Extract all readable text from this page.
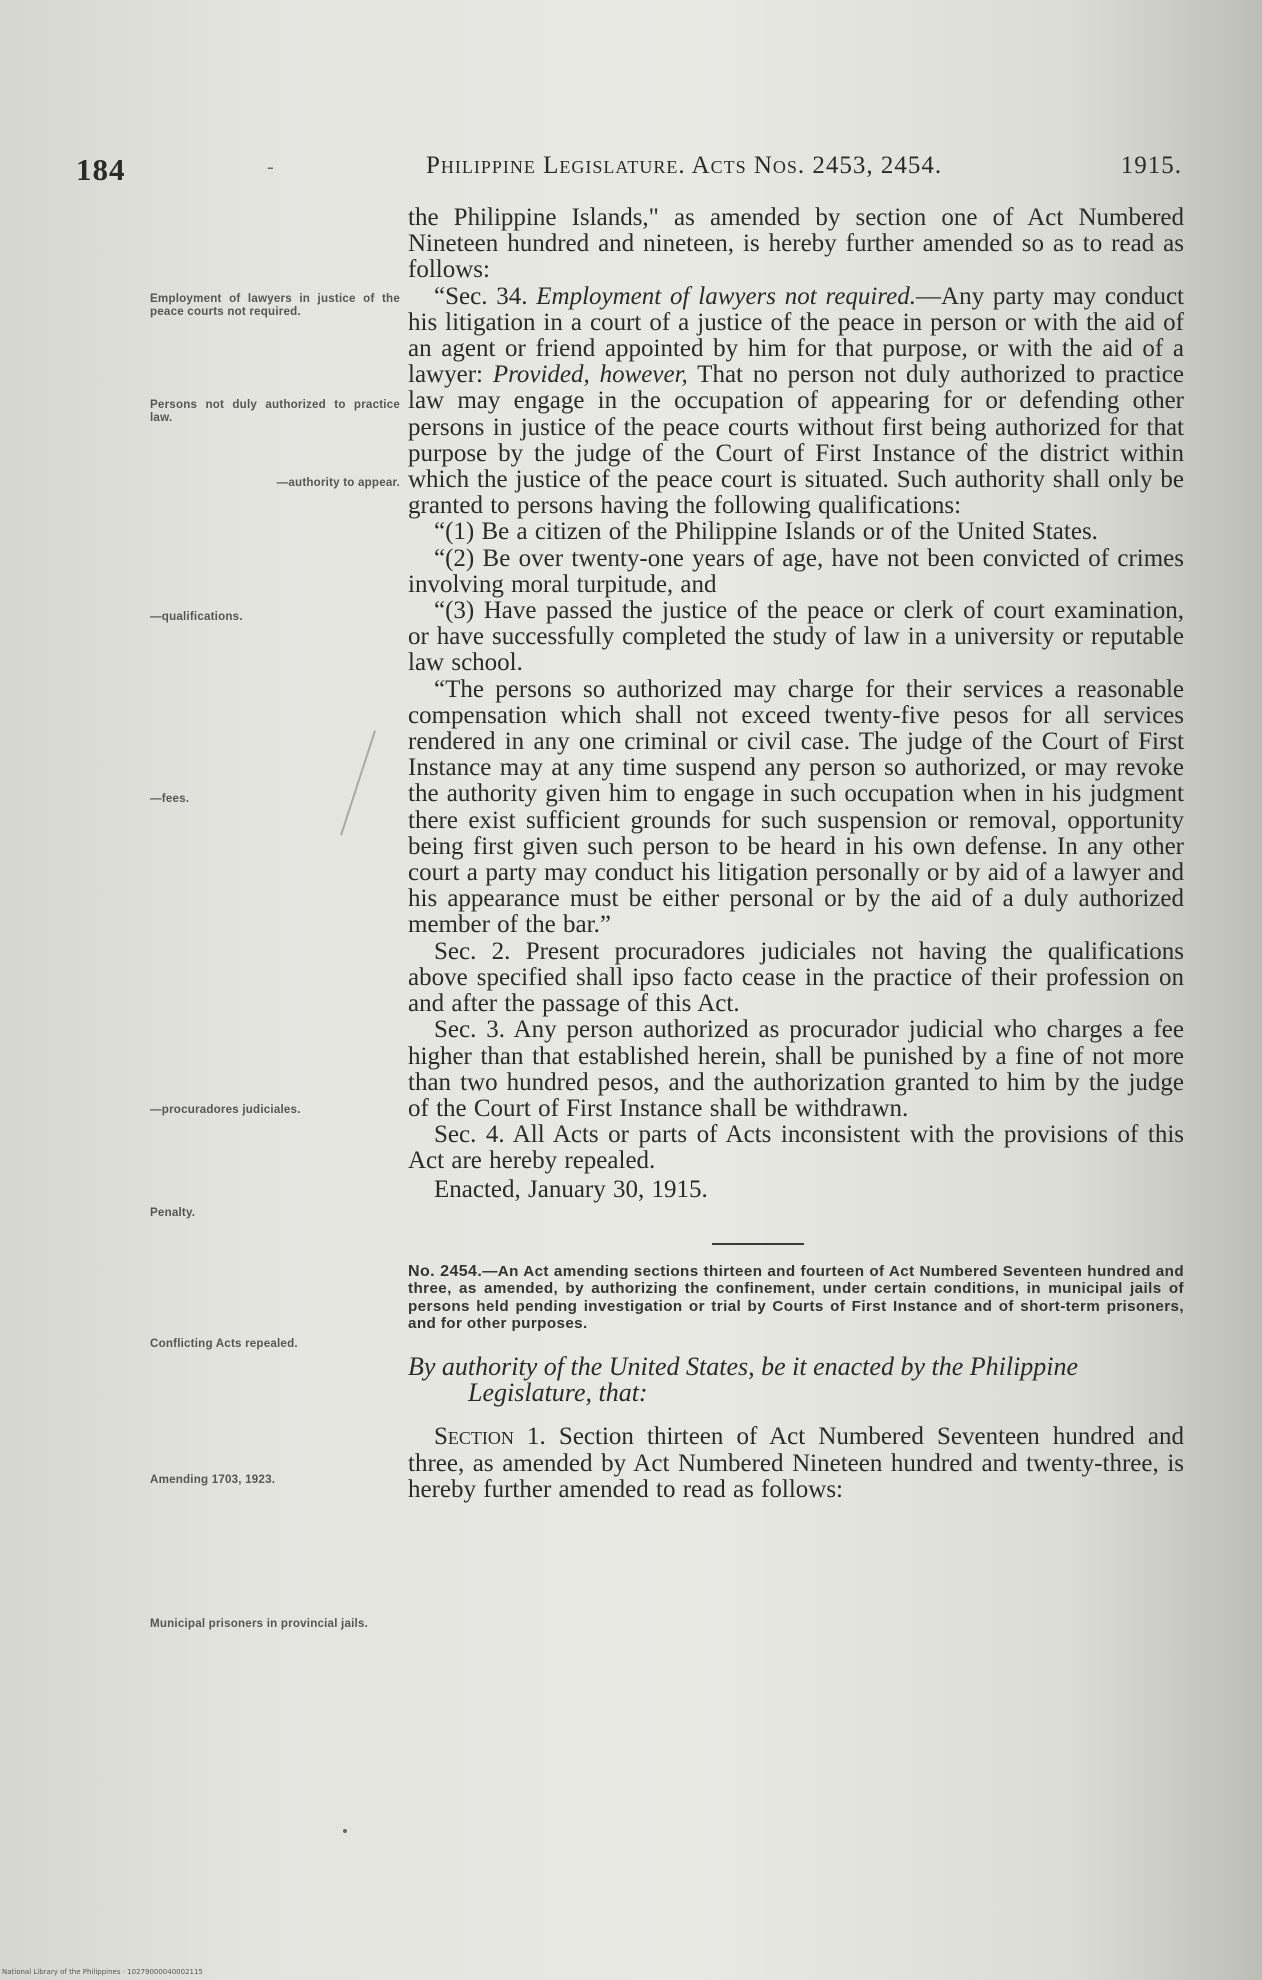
184	-	Philippine Legislature. Acts Nos. 2453, 2454.	1915.
Employment of lawyers in justice of the peace courts not required.
Persons not duly authorized to practice law.
—authority to appear.
—qualifications.
—fees.
—procuradores judiciales.
Penalty.
Conflicting Acts repealed.
Amending 1703, 1923.
Municipal prisoners in provincial jails.

the Philippine Islands," as amended by section one of Act Numbered Nineteen hundred and nineteen, is hereby further amended so as to read as follows:

“Sec. 34. Employment of lawyers not required.—Any party may conduct his litigation in a court of a justice of the peace in person or with the aid of an agent or friend appointed by him for that purpose, or with the aid of a lawyer: Provided, however, That no person not duly authorized to practice law may engage in the occupation of appearing for or defending other persons in justice of the peace courts without first being authorized for that purpose by the judge of the Court of First Instance of the district within which the justice of the peace court is situated. Such authority shall only be granted to persons having the following qualifications:

“(1) Be a citizen of the Philippine Islands or of the United States.

“(2) Be over twenty-one years of age, have not been convicted of crimes involving moral turpitude, and

“(3) Have passed the justice of the peace or clerk of court examination, or have successfully completed the study of law in a university or reputable law school.

“The persons so authorized may charge for their services a reasonable compensation which shall not exceed twenty-five pesos for all services rendered in any one criminal or civil case. The judge of the Court of First Instance may at any time suspend any person so authorized, or may revoke the authority given him to engage in such occupation when in his judgment there exist sufficient grounds for such suspension or removal, opportunity being first given such person to be heard in his own defense. In any other court a party may conduct his litigation personally or by aid of a lawyer and his appearance must be either personal or by the aid of a duly authorized member of the bar.”

Sec. 2. Present procuradores judiciales not having the qualifications above specified shall ipso facto cease in the practice of their profession on and after the passage of this Act.

Sec. 3. Any person authorized as procurador judicial who charges a fee higher than that established herein, shall be punished by a fine of not more than two hundred pesos, and the authorization granted to him by the judge of the Court of First Instance shall be withdrawn.

Sec. 4. All Acts or parts of Acts inconsistent with the provisions of this Act are hereby repealed.

Enacted, January 30, 1915.

No. 2454.—An Act amending sections thirteen and fourteen of Act Numbered Seventeen hundred and three, as amended, by authorizing the confinement, under certain conditions, in municipal jails of persons held pending investigation or trial by Courts of First Instance and of short-term prisoners, and for other purposes.

By authority of the United States, be it enacted by the Philippine Legislature, that:

Section 1. Section thirteen of Act Numbered Seventeen hundred and three, as amended by Act Numbered Nineteen hundred and twenty-three, is hereby further amended to read as follows:

National Library of the Philippines · 10279000040002115
